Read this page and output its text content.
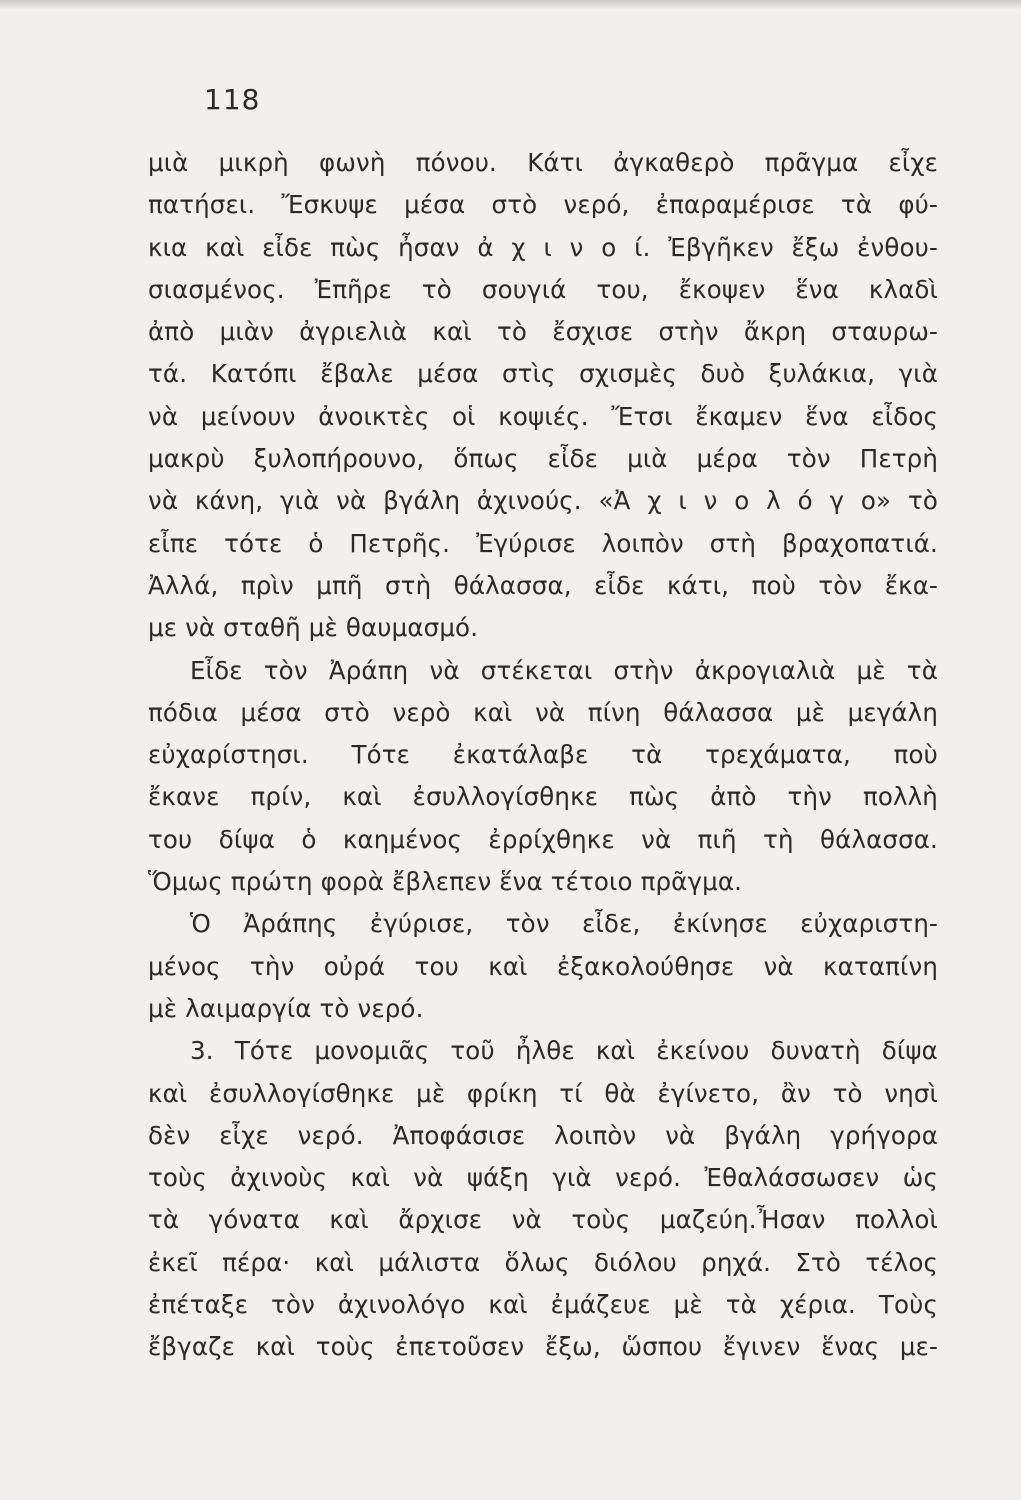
118
μιὰ μικρὴ φωνὴ πόνου. Κάτι ἀγκαθερὸ πρᾶγμα εἶχε
πατήσει. Ἔσκυψε μέσα στὸ νερό, ἐπαραμέρισε τὰ φύ-
κια καὶ εἶδε πὼς ἦσαν ἀ χ ι ν ο ί. Ἐβγῆκεν ἔξω ἐνθου-
σιασμένος. Ἐπῆρε τὸ σουγιά του, ἔκοψεν ἕνα κλαδὶ
ἀπὸ μιὰν ἀγριελιὰ καὶ τὸ ἔσχισε στὴν ἄκρη σταυρω-
τά. Κατόπι ἔβαλε μέσα στὶς σχισμὲς δυὸ ξυλάκια, γιὰ
νὰ μείνουν ἀνοικτὲς οἱ κοψιές. Ἔτσι ἔκαμεν ἕνα εἶδος
μακρὺ ξυλοπήρουνο, ὅπως εἶδε μιὰ μέρα τὸν Πετρὴ
νὰ κάνη, γιὰ νὰ βγάλη ἀχινούς. «Ἀ χ ι ν ο λ ό γ ο» τὸ
εἶπε τότε ὁ Πετρῆς. Ἐγύρισε λοιπὸν στὴ βραχοπατιά.
Ἀλλά, πρὶν μπῆ στὴ θάλασσα, εἶδε κάτι, ποὺ τὸν ἔκα-
με νὰ σταθῆ μὲ θαυμασμό.
Εἶδε τὸν Ἀράπη νὰ στέκεται στὴν ἀκρογιαλιὰ μὲ τὰ
πόδια μέσα στὸ νερὸ καὶ νὰ πίνη θάλασσα μὲ μεγάλη
εὐχαρίστησι. Τότε ἐκατάλαβε τὰ τρεχάματα, ποὺ
ἔκανε πρίν, καὶ ἐσυλλογίσθηκε πὼς ἀπὸ τὴν πολλὴ
του δίψα ὁ καημένος ἐρρίχθηκε νὰ πιῆ τὴ θάλασσα.
Ὅμως πρώτη φορὰ ἔβλεπεν ἕνα τέτοιο πρᾶγμα.
Ὁ Ἀράπης ἐγύρισε, τὸν εἶδε, ἐκίνησε εὐχαριστη-
μένος τὴν οὐρά του καὶ ἐξακολούθησε νὰ καταπίνη
μὲ λαιμαργία τὸ νερό.
3. Τότε μονομιᾶς τοῦ ἦλθε καὶ ἐκείνου δυνατὴ δίψα
καὶ ἐσυλλογίσθηκε μὲ φρίκη τί θὰ ἐγίνετο, ἂν τὸ νησὶ
δὲν εἶχε νερό. Ἀποφάσισε λοιπὸν νὰ βγάλη γρήγορα
τοὺς ἀχινοὺς καὶ νὰ ψάξη γιὰ νερό. Ἐθαλάσσωσεν ὡς
τὰ γόνατα καὶ ἄρχισε νὰ τοὺς μαζεύη.Ἦσαν πολλοὶ
ἐκεῖ πέρα· καὶ μάλιστα ὅλως διόλου ρηχά. Στὸ τέλος
ἐπέταξε τὸν ἀχινολόγο καὶ ἐμάζευε μὲ τὰ χέρια. Τοὺς
ἔβγαζε καὶ τοὺς ἐπετοῦσεν ἔξω, ὥσπου ἔγινεν ἕνας με-
